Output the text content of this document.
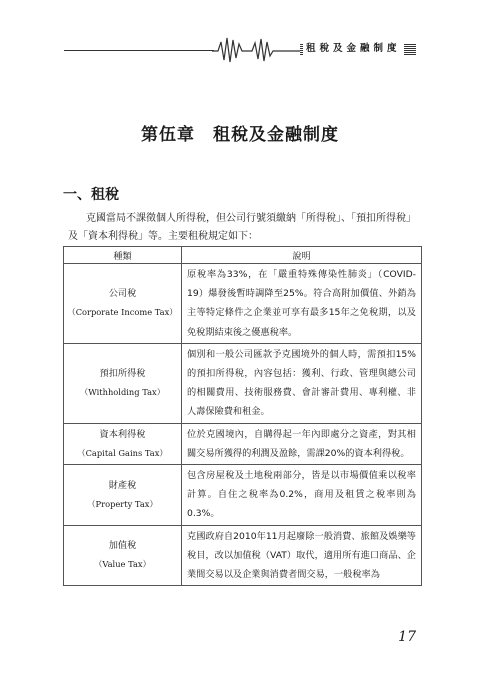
租稅及金融制度
第伍章　租稅及金融制度
一、租稅
克國當局不課徵個人所得稅，但公司行號須繳納「所得稅」、「預扣所得稅」及「資本利得稅」等。主要租稅規定如下：
種類	說明

公司稅
（Corporate Income Tax）	原稅率為33%，在「嚴重特殊傳染性肺炎」（COVID-19）爆發後暫時調降至25%。符合高附加價值、外銷為主等特定條件之企業並可享有最多15年之免稅期，以及免稅期結束後之優惠稅率。

預扣所得稅
（Withholding Tax）	個別和一般公司匯款予克國境外的個人時，需預扣15%的預扣所得稅，內容包括：獲利、行政、管理與總公司的相關費用、技術服務費、會計審計費用、專利權、非人壽保險費和租金。

資本利得稅
（Capital Gains Tax）	位於克國境內，自購得起一年內即處分之資產，對其相關交易所獲得的利潤及盈餘，需課20%的資本利得稅。

財產稅
（Property Tax）	包含房屋稅及土地稅兩部分，皆是以市場價值乘以稅率計算。自住之稅率為0.2%，商用及租賃之稅率則為0.3%。

加值稅
（Value Tax）	克國政府自2010年11月起廢除一般消費、旅館及娛樂等稅目，改以加值稅（VAT）取代，適用所有進口商品、企業間交易以及企業與消費者間交易，一般稅率為
17
